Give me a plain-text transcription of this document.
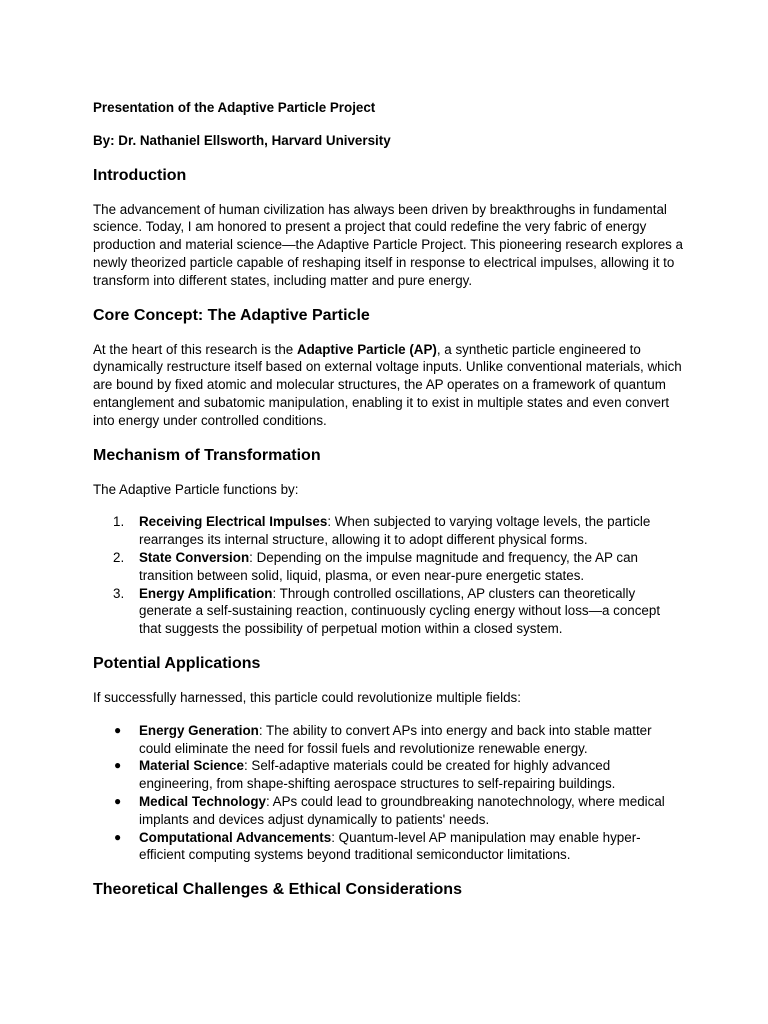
Presentation of the Adaptive Particle Project

By: Dr. Nathaniel Ellsworth, Harvard University

Introduction

The advancement of human civilization has always been driven by breakthroughs in fundamental science. Today, I am honored to present a project that could redefine the very fabric of energy production and material science—the Adaptive Particle Project. This pioneering research explores a newly theorized particle capable of reshaping itself in response to electrical impulses, allowing it to transform into different states, including matter and pure energy.

Core Concept: The Adaptive Particle

At the heart of this research is the Adaptive Particle (AP), a synthetic particle engineered to dynamically restructure itself based on external voltage inputs. Unlike conventional materials, which are bound by fixed atomic and molecular structures, the AP operates on a framework of quantum entanglement and subatomic manipulation, enabling it to exist in multiple states and even convert into energy under controlled conditions.

Mechanism of Transformation

The Adaptive Particle functions by:

1. Receiving Electrical Impulses: When subjected to varying voltage levels, the particle rearranges its internal structure, allowing it to adopt different physical forms.
2. State Conversion: Depending on the impulse magnitude and frequency, the AP can transition between solid, liquid, plasma, or even near-pure energetic states.
3. Energy Amplification: Through controlled oscillations, AP clusters can theoretically generate a self-sustaining reaction, continuously cycling energy without loss—a concept that suggests the possibility of perpetual motion within a closed system.
Potential Applications

If successfully harnessed, this particle could revolutionize multiple fields:

● Energy Generation: The ability to convert APs into energy and back into stable matter could eliminate the need for fossil fuels and revolutionize renewable energy.
● Material Science: Self-adaptive materials could be created for highly advanced engineering, from shape-shifting aerospace structures to self-repairing buildings.
● Medical Technology: APs could lead to groundbreaking nanotechnology, where medical implants and devices adjust dynamically to patients' needs.
● Computational Advancements: Quantum-level AP manipulation may enable hyper-efficient computing systems beyond traditional semiconductor limitations.
Theoretical Challenges & Ethical Considerations
